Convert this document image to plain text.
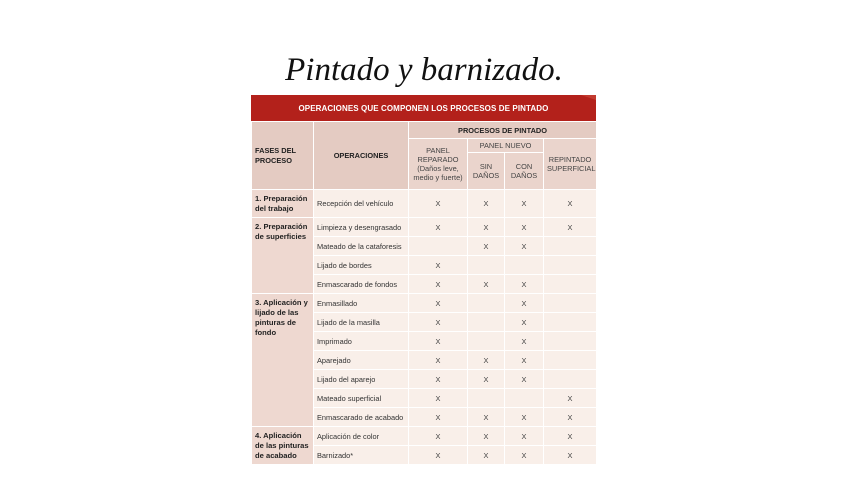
Pintado y barnizado.
OPERACIONES QUE COMPONEN LOS PROCESOS DE PINTADO
FASES DEL PROCESO	OPERACIONES	PROCESOS DE PINTADO			
		PANEL REPARADO (Daños leve, medio y fuerte)	PANEL NUEVO		REPINTADO SUPERFICIAL
			SIN DAÑOS	CON DAÑOS	
1. Preparación del trabajo	Recepción del vehículo	X	X	X	X
2. Preparación de superficies	Limpieza y desengrasado	X	X	X	X
	Mateado de la cataforesis		X	X	
	Lijado de bordes	X			
	Enmascarado de fondos	X	X	X	
3. Aplicación y lijado de las pinturas de fondo	Enmasillado	X		X	
	Lijado de la masilla	X		X	
	Imprimado	X		X	
	Aparejado	X	X	X	
	Lijado del aparejo	X	X	X	
	Mateado superficial	X			X
	Enmascarado de acabado	X	X	X	X
4. Aplicación de las pinturas de acabado	Aplicación de color	X	X	X	X
	Barnizado*	X	X	X	X
